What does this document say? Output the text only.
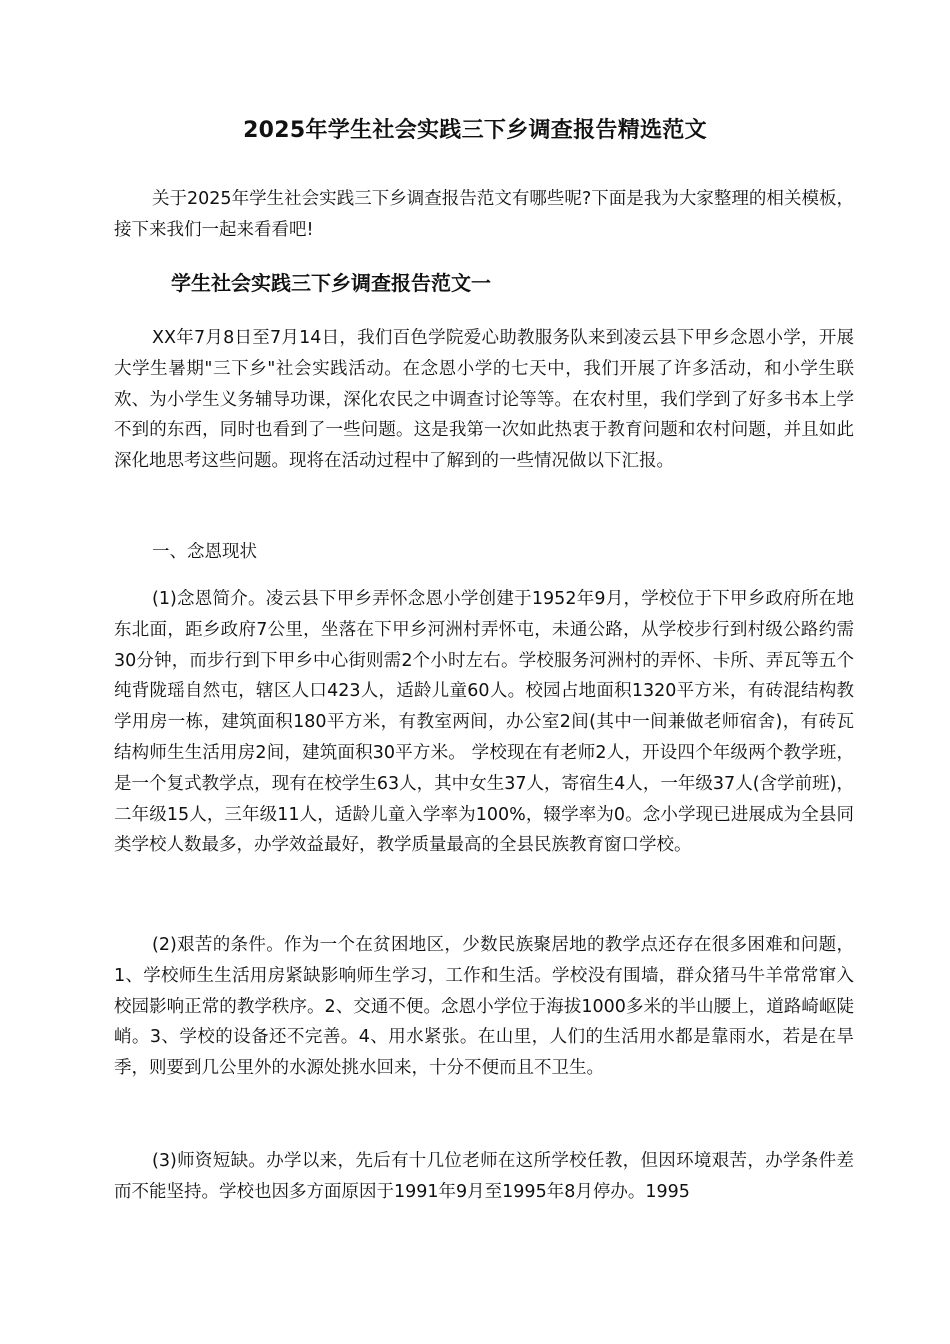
2025年学生社会实践三下乡调查报告精选范文

关于2025年学生社会实践三下乡调查报告范文有哪些呢?下面是我为大家整理的相关模板，接下来我们一起来看看吧!

学生社会实践三下乡调查报告范文一

XX年7月8日至7月14日，我们百色学院爱心助教服务队来到凌云县下甲乡念恩小学，开展大学生暑期"三下乡"社会实践活动。在念恩小学的七天中，我们开展了许多活动，和小学生联欢、为小学生义务辅导功课，深化农民之中调查讨论等等。在农村里，我们学到了好多书本上学不到的东西，同时也看到了一些问题。这是我第一次如此热衷于教育问题和农村问题，并且如此深化地思考这些问题。现将在活动过程中了解到的一些情况做以下汇报。

一、念恩现状

(1)念恩简介。凌云县下甲乡弄怀念恩小学创建于1952年9月，学校位于下甲乡政府所在地东北面，距乡政府7公里，坐落在下甲乡河洲村弄怀屯，未通公路，从学校步行到村级公路约需30分钟，而步行到下甲乡中心街则需2个小时左右。学校服务河洲村的弄怀、卡所、弄瓦等五个纯背陇瑶自然屯，辖区人口423人，适龄儿童60人。校园占地面积1320平方米，有砖混结构教学用房一栋，建筑面积180平方米，有教室两间，办公室2间(其中一间兼做老师宿舍)，有砖瓦结构师生生活用房2间，建筑面积30平方米。 学校现在有老师2人，开设四个年级两个教学班，是一个复式教学点，现有在校学生63人，其中女生37人，寄宿生4人，一年级37人(含学前班)，二年级15人，三年级11人，适龄儿童入学率为100%，辍学率为0。念小学现已进展成为全县同类学校人数最多，办学效益最好，教学质量最高的全县民族教育窗口学校。

(2)艰苦的条件。作为一个在贫困地区，少数民族聚居地的教学点还存在很多困难和问题，1、学校师生生活用房紧缺影响师生学习，工作和生活。学校没有围墙，群众猪马牛羊常常窜入校园影响正常的教学秩序。2、交通不便。念恩小学位于海拔1000多米的半山腰上，道路崎岖陡峭。3、学校的设备还不完善。4、用水紧张。在山里，人们的生活用水都是靠雨水，若是在旱季，则要到几公里外的水源处挑水回来，十分不便而且不卫生。

(3)师资短缺。办学以来，先后有十几位老师在这所学校任教，但因环境艰苦，办学条件差而不能坚持。学校也因多方面原因于1991年9月至1995年8月停办。1995
